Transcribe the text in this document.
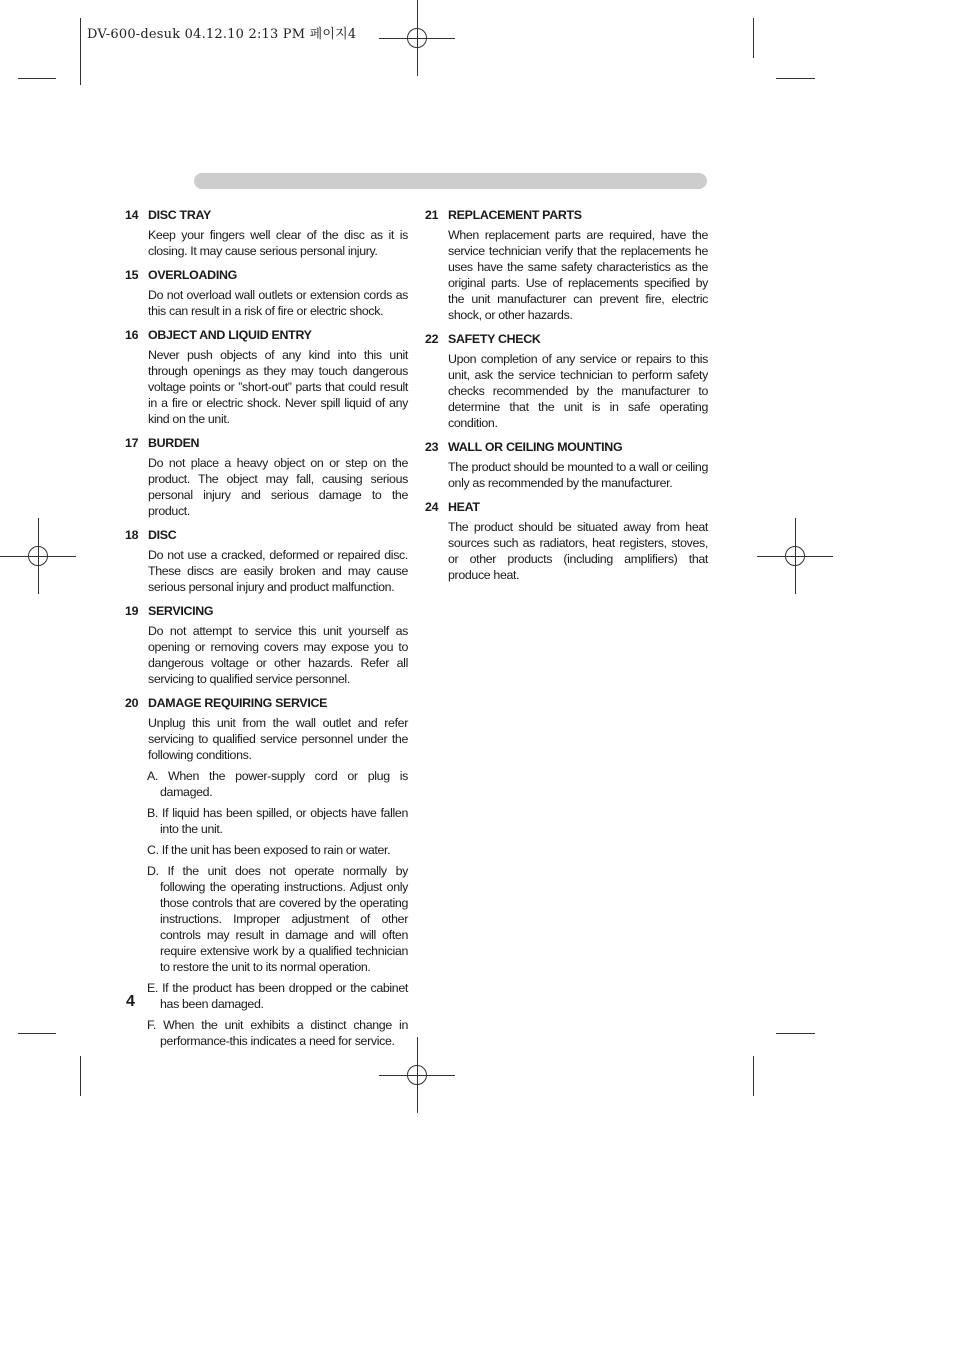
DV-600-desuk 04.12.10 2:13 PM 페이지4
14 DISC TRAY
Keep your fingers well clear of the disc as it is closing. It may cause serious personal injury.
15 OVERLOADING
Do not overload wall outlets or extension cords as this can result in a risk of fire or electric shock.
16 OBJECT AND LIQUID ENTRY
Never push objects of any kind into this unit through openings as they may touch dangerous voltage points or ”short-out” parts that could result in a fire or electric shock. Never spill liquid of any kind on the unit.
17 BURDEN
Do not place a heavy object on or step on the product. The object may fall, causing serious personal injury and serious damage to the product.
18 DISC
Do not use a cracked, deformed or repaired disc. These discs are easily broken and may cause serious personal injury and product malfunction.
19 SERVICING
Do not attempt to service this unit yourself as opening or removing covers may expose you to dangerous voltage or other hazards. Refer all servicing to qualified service personnel.
20 DAMAGE REQUIRING SERVICE
Unplug this unit from the wall outlet and refer servicing to qualified service personnel under the following conditions.
A. When the power-supply cord or plug is damaged.
B. If liquid has been spilled, or objects have fallen into the unit.
C. If the unit has been exposed to rain or water.
D. If the unit does not operate normally by following the operating instructions. Adjust only those controls that are covered by the operating instructions. Improper adjustment of other controls may result in damage and will often require extensive work by a qualified technician to restore the unit to its normal operation.
E. If the product has been dropped or the cabinet has been damaged.
F. When the unit exhibits a distinct change in performance-this indicates a need for service.
21 REPLACEMENT PARTS
When replacement parts are required, have the service technician verify that the replacements he uses have the same safety characteristics as the original parts. Use of replacements specified by the unit manufacturer can prevent fire, electric shock, or other hazards.
22 SAFETY CHECK
Upon completion of any service or repairs to this unit, ask the service technician to perform safety checks recommended by the manufacturer to determine that the unit is in safe operating condition.
23 WALL OR CEILING MOUNTING
The product should be mounted to a wall or ceiling only as recommended by the manufacturer.
24 HEAT
The product should be situated away from heat sources such as radiators, heat registers, stoves, or other products (including amplifiers) that produce heat.
4
